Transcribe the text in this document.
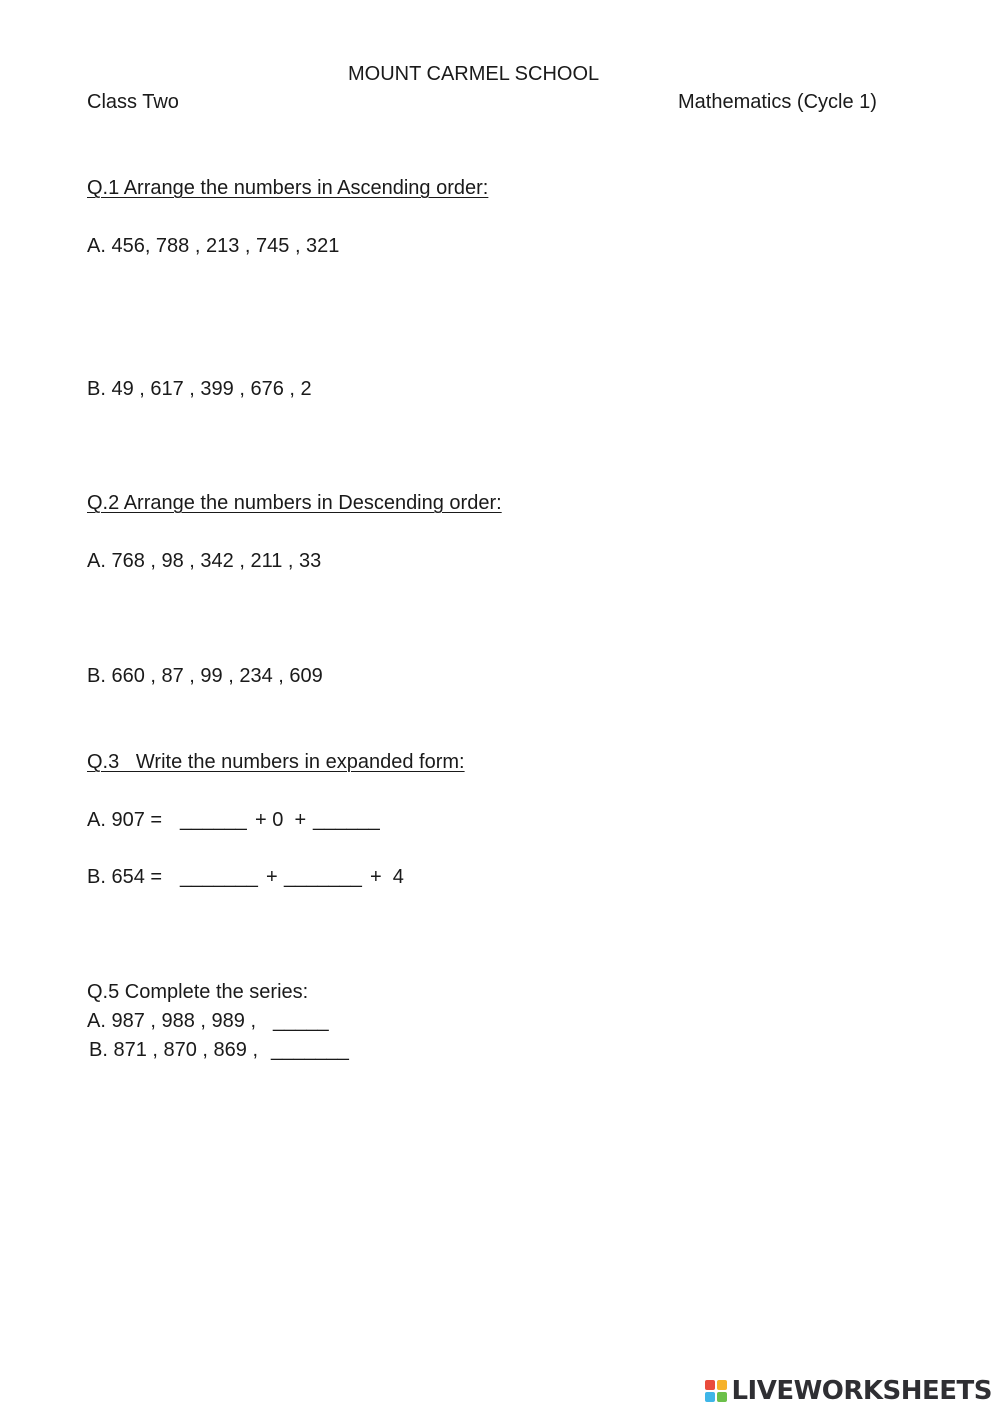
MOUNT CARMEL SCHOOL
Class Two	Mathematics (Cycle 1)
Q.1 Arrange the numbers in Ascending order:
A. 456, 788 , 213 , 745 , 321
B. 49 , 617 , 399 , 676 , 2
Q.2 Arrange the numbers in Descending order:
A. 768 , 98 , 342 , 211 , 33
B. 660 , 87 , 99 , 234 , 609
Q.3   Write the numbers in expanded form:
A. 907 = ______ + 0  + ______
B. 654 = _______ + _______ +  4
Q.5 Complete the series:
A. 987 , 988 , 989 , _____
B. 871 , 870 , 869 , _______
LIVEWORKSHEETS
